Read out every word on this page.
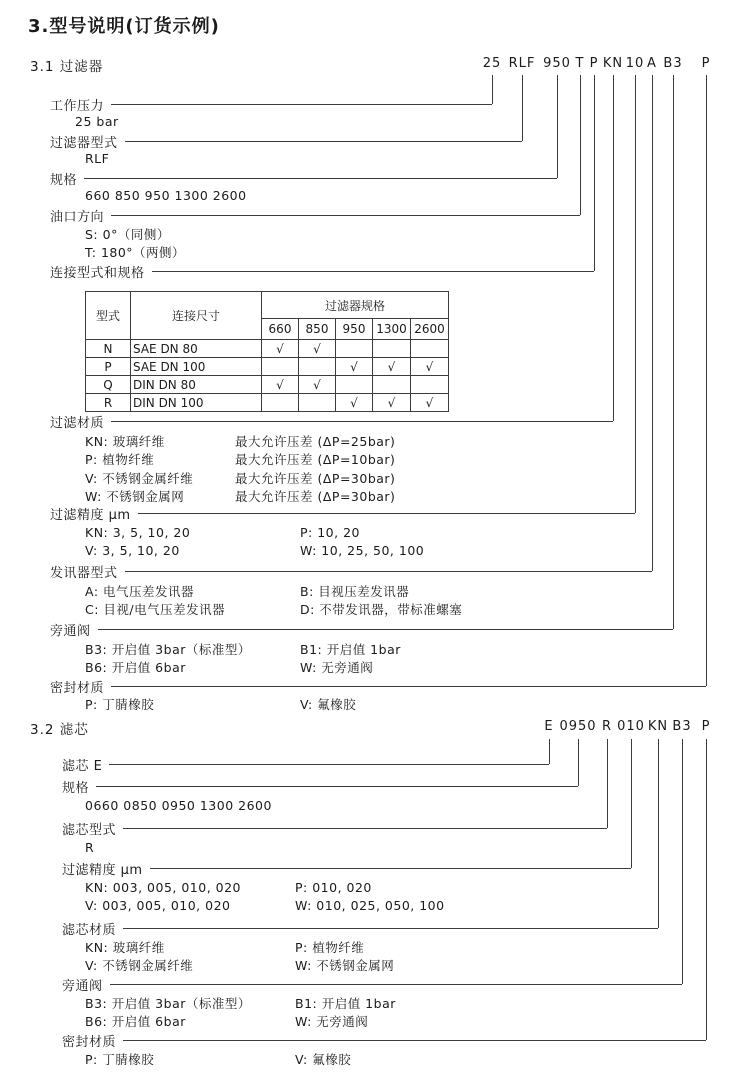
3.型号说明(订货示例)
3.1 过滤器	25 RLF 950 T P KN 10 A B3 P
工作压力
25 bar
过滤器型式
RLF
规格
660 850 950 1300 2600
油口方向
S: 0°（同侧）
T: 180°（两侧）
连接型式和规格
型式	连接尺寸	过滤器规格				
		660	850	950	1300	2600
N	SAE DN 80	√	√			
P	SAE DN 100			√	√	√
Q	DIN DN 80	√	√			
R	DIN DN 100			√	√	√
过滤材质
KN: 玻璃纤维	最大允许压差 (ΔP=25bar)
P: 植物纤维	最大允许压差 (ΔP=10bar)
V: 不锈钢金属纤维	最大允许压差 (ΔP=30bar)
W: 不锈钢金属网	最大允许压差 (ΔP=30bar)
过滤精度 μm
KN: 3, 5, 10, 20	P: 10, 20
V: 3, 5, 10, 20	W: 10, 25, 50, 100
发讯器型式
A: 电气压差发讯器	B: 目视压差发讯器
C: 目视/电气压差发讯器	D: 不带发讯器，带标准螺塞
旁通阀
B3: 开启值 3bar（标准型）	B1: 开启值 1bar
B6: 开启值 6bar	W: 无旁通阀
密封材质
P: 丁腈橡胶	V: 氟橡胶
3.2 滤芯	E 0950 R 010 KN B3 P
滤芯 E
规格
0660 0850 0950 1300 2600
滤芯型式
R
过滤精度 μm
KN: 003, 005, 010, 020	P: 010, 020
V: 003, 005, 010, 020	W: 010, 025, 050, 100
滤芯材质
KN: 玻璃纤维	P: 植物纤维
V: 不锈钢金属纤维	W: 不锈钢金属网
旁通阀
B3: 开启值 3bar（标准型）	B1: 开启值 1bar
B6: 开启值 6bar	W: 无旁通阀
密封材质
P: 丁腈橡胶	V: 氟橡胶
